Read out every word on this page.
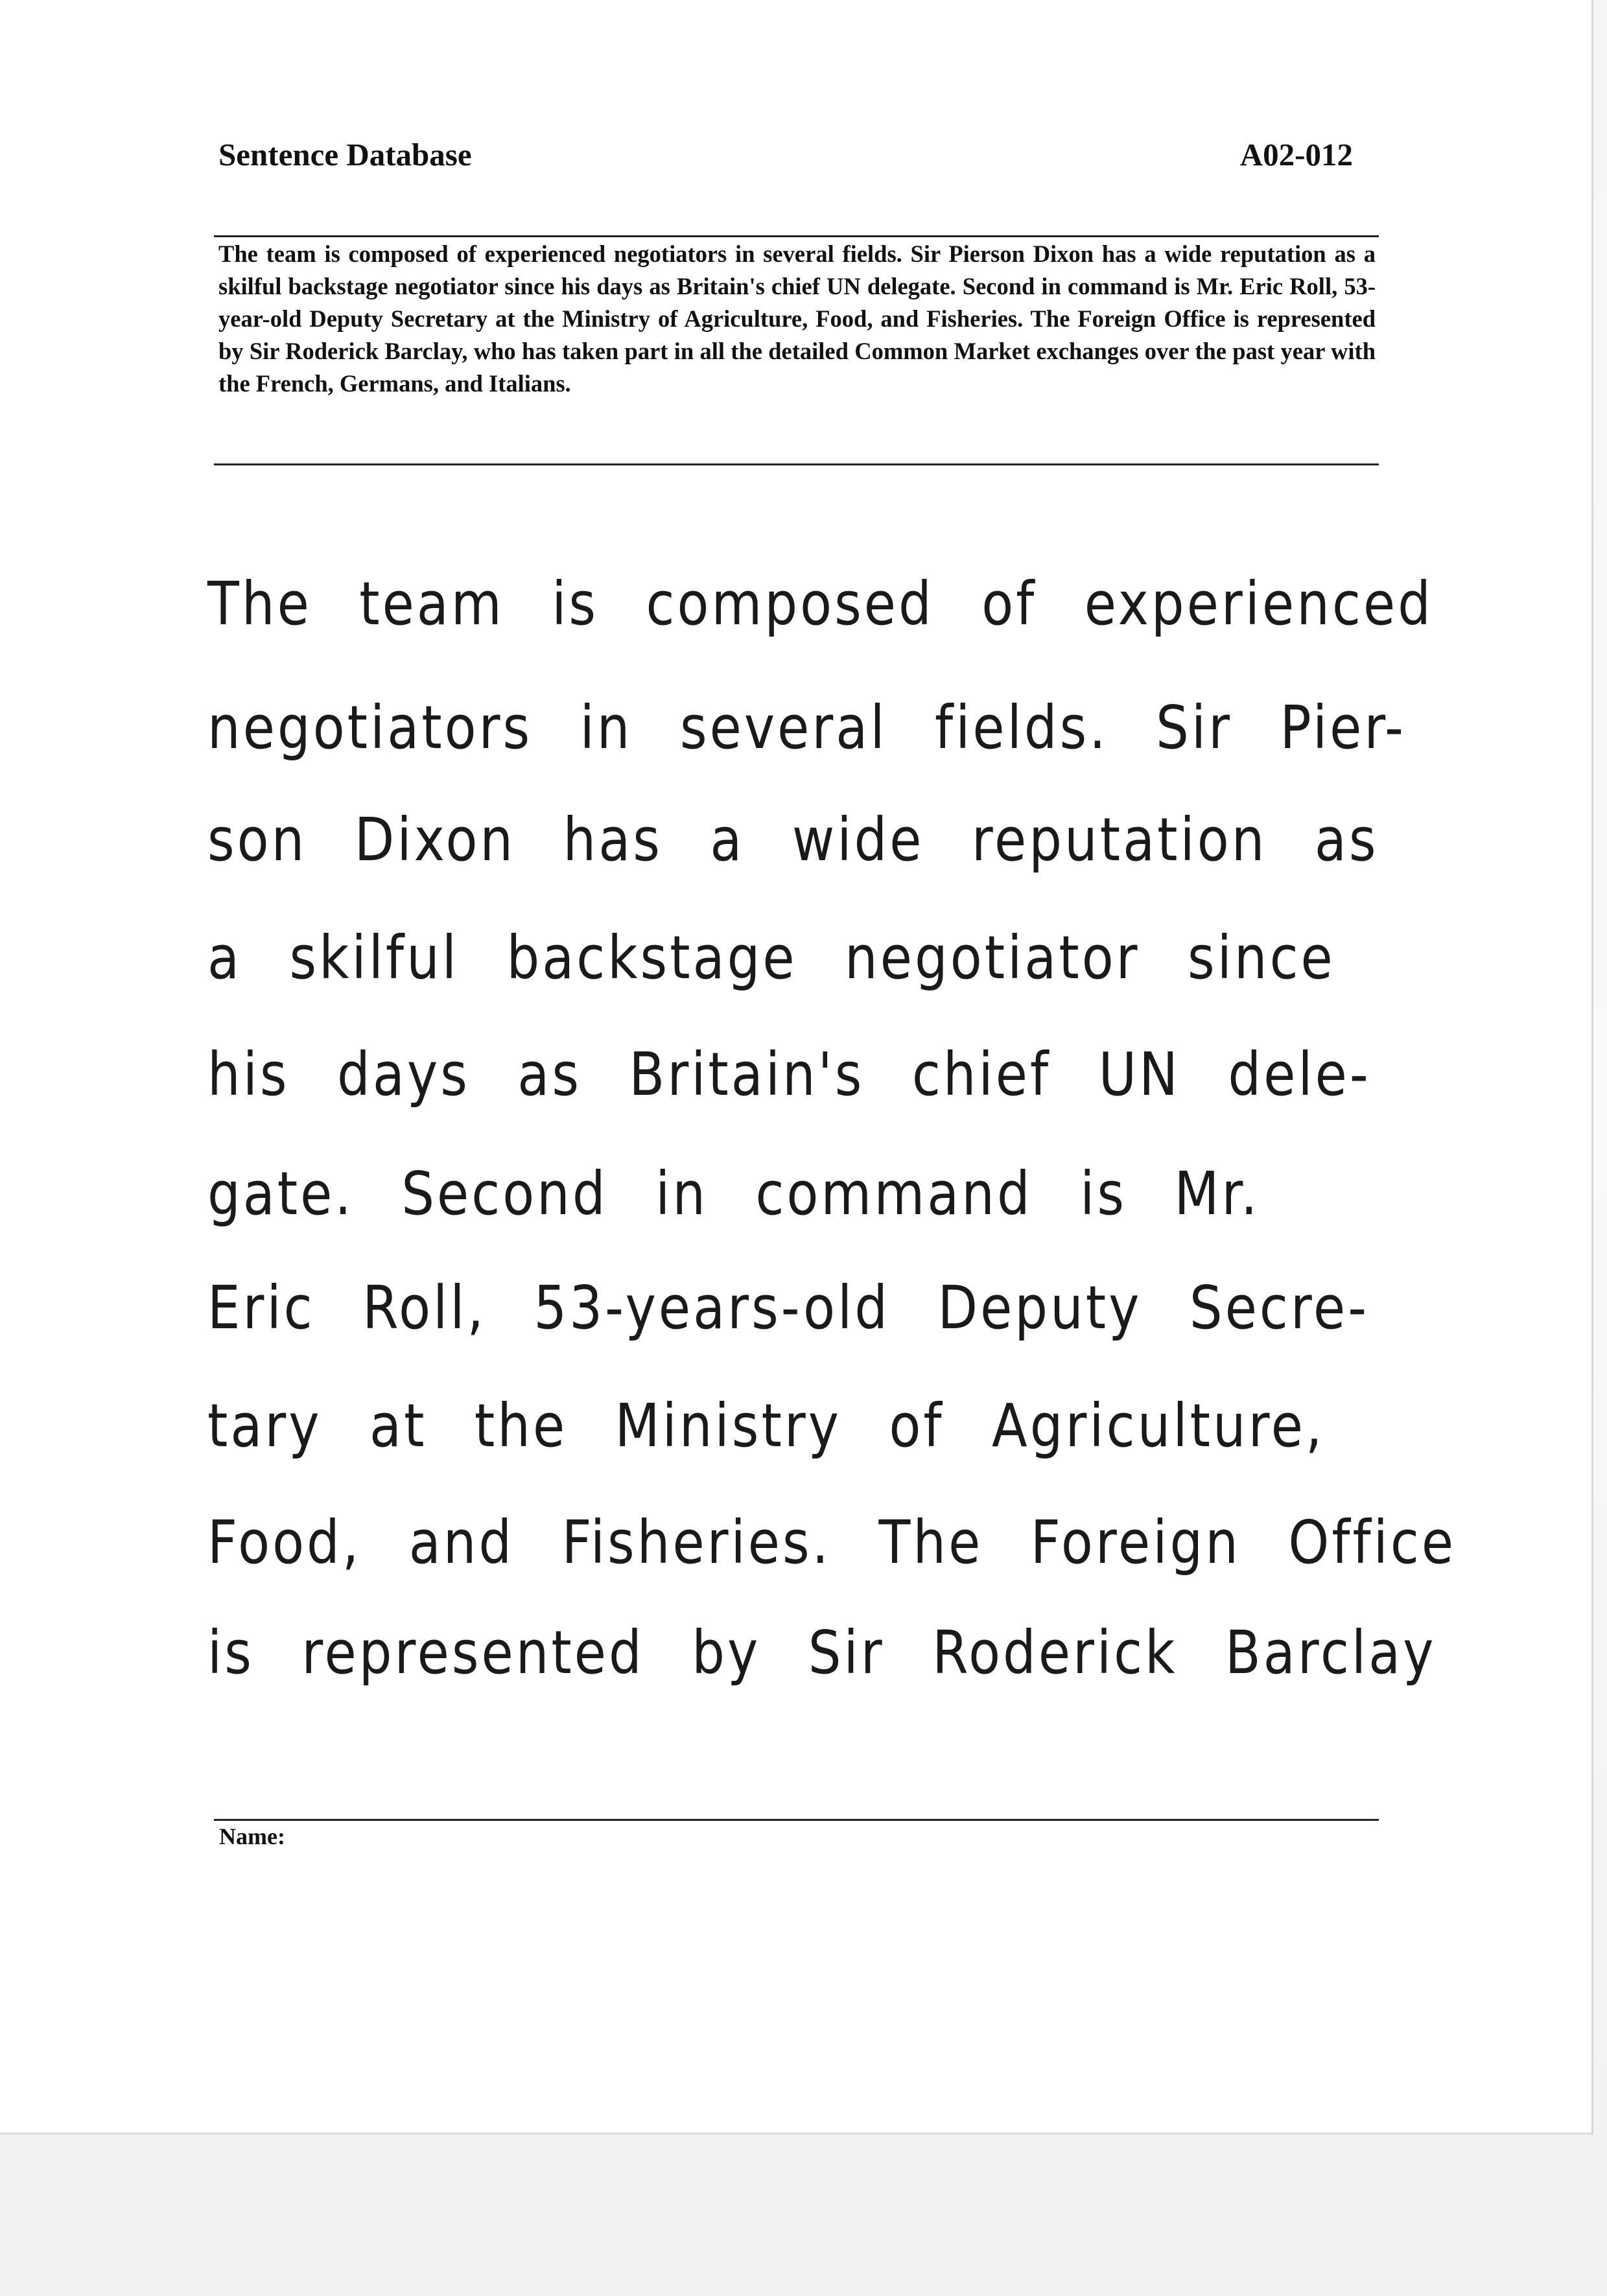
Sentence Database	A02-012

The team is composed of experienced negotiators in several fields. Sir Pierson Dixon has a wide reputation as a skilful backstage negotiator since his days as Britain's chief UN delegate. Second in command is Mr. Eric Roll, 53-year-old Deputy Secretary at the Ministry of Agriculture, Food, and Fisheries. The Foreign Office is represented by Sir Roderick Barclay, who has taken part in all the detailed Common Market exchanges over the past year with the French, Germans, and Italians.

The team is composed of experienced
negotiators in several fields. Sir Pier-
son Dixon has a wide reputation as
a skilful backstage negotiator since
his days as Britain's chief UN dele-
gate. Second in command is Mr.
Eric Roll, 53-years-old Deputy Secre-
tary at the Ministry of Agriculture,
Food, and Fisheries. The Foreign Office
is represented by Sir Roderick Barclay
Name:
